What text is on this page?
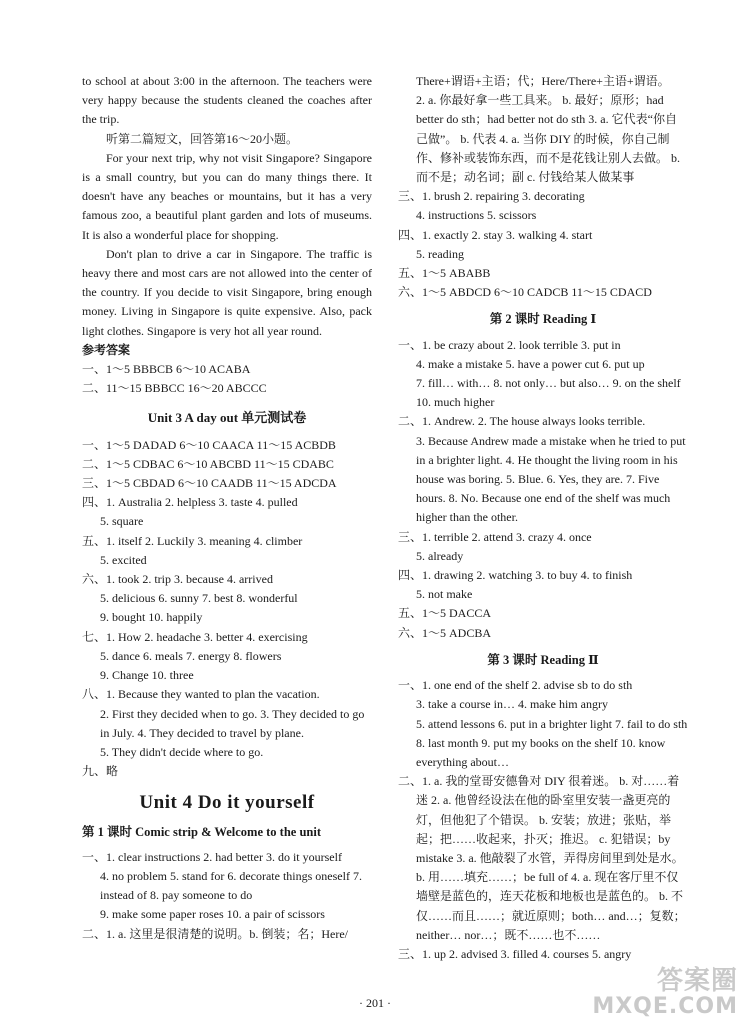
to school at about 3:00 in the afternoon. The teachers were very happy because the students cleaned the coaches after the trip.

听第二篇短文，回答第16～20小题。

For your next trip, why not visit Singapore? Singapore is a small country, but you can do many things there. It doesn't have any beaches or mountains, but it has a very famous zoo, a beautiful plant garden and lots of museums. It is also a wonderful place for shopping.

Don't plan to drive a car in Singapore. The traffic is heavy there and most cars are not allowed into the center of the country. If you decide to visit Singapore, bring enough money. Living in Singapore is quite expensive. Also, pack light clothes. Singapore is very hot all year round.

参考答案

一、1～5 BBBCB 6～10 ACABA

二、11～15 BBBCC 16～20 ABCCC

Unit 3 A day out 单元测试卷

一、1～5 DADAD 6～10 CAACA 11～15 ACBDB

二、1～5 CDBAC 6～10 ABCBD 11～15 CDABC

三、1～5 CBDAD 6～10 CAADB 11～15 ADCDA

四、1. Australia 2. helpless 3. taste 4. pulled

5. square

五、1. itself 2. Luckily 3. meaning 4. climber

5. excited

六、1. took 2. trip 3. because 4. arrived

5. delicious 6. sunny 7. best 8. wonderful

9. bought 10. happily

七、1. How 2. headache 3. better 4. exercising

5. dance 6. meals 7. energy 8. flowers

9. Change 10. three

八、1. Because they wanted to plan the vacation.

2. First they decided when to go. 3. They decided to go in July. 4. They decided to travel by plane.

5. They didn't decide where to go.

九、略

Unit 4 Do it yourself
第 1 课时 Comic strip & Welcome to the unit

一、1. clear instructions 2. had better 3. do it yourself

4. no problem 5. stand for 6. decorate things oneself 7. instead of 8. pay someone to do

9. make some paper roses 10. a pair of scissors

二、1. a. 这里是很清楚的说明。b. 倒装；名；Here/

There+谓语+主语；代；Here/There+主语+谓语。

2. a. 你最好拿一些工具来。 b. 最好；原形；had better do sth；had better not do sth 3. a. 它代表“你自己做”。 b. 代表 4. a. 当你 DIY 的时候，你自己制作、修补或装饰东西，而不是花钱让别人去做。 b. 而不是；动名词；副 c. 付钱给某人做某事

三、1. brush 2. repairing 3. decorating

4. instructions 5. scissors

四、1. exactly 2. stay 3. walking 4. start

5. reading

五、1～5 ABABB

六、1～5 ABDCD 6～10 CADCB 11～15 CDACD

第 2 课时 Reading Ⅰ

一、1. be crazy about 2. look terrible 3. put in

4. make a mistake 5. have a power cut 6. put up

7. fill… with… 8. not only… but also… 9. on the shelf 10. much higher

二、1. Andrew. 2. The house always looks terrible.

3. Because Andrew made a mistake when he tried to put in a brighter light. 4. He thought the living room in his house was boring. 5. Blue. 6. Yes, they are. 7. Five hours. 8. No. Because one end of the shelf was much higher than the other.

三、1. terrible 2. attend 3. crazy 4. once

5. already

四、1. drawing 2. watching 3. to buy 4. to finish

5. not make

五、1～5 DACCA

六、1～5 ADCBA

第 3 课时 Reading Ⅱ

一、1. one end of the shelf 2. advise sb to do sth

3. take a course in… 4. make him angry

5. attend lessons 6. put in a brighter light 7. fail to do sth 8. last month 9. put my books on the shelf 10. know everything about…

二、1. a. 我的堂哥安德鲁对 DIY 很着迷。 b. 对……着迷 2. a. 他曾经设法在他的卧室里安装一盏更亮的灯，但他犯了个错误。 b. 安装；放进；张贴，举起；把……收起来，扑灭；推迟。 c. 犯错误；by mistake 3. a. 他敲裂了水管，弄得房间里到处是水。 b. 用……填充……；be full of 4. a. 现在客厅里不仅墙壁是蓝色的，连天花板和地板也是蓝色的。 b. 不仅……而且……；就近原则；both… and…；复数；neither… nor…；既不……也不……

三、1. up 2. advised 3. filled 4. courses 5. angry

· 201 ·
答案圈
MXQE.COM
